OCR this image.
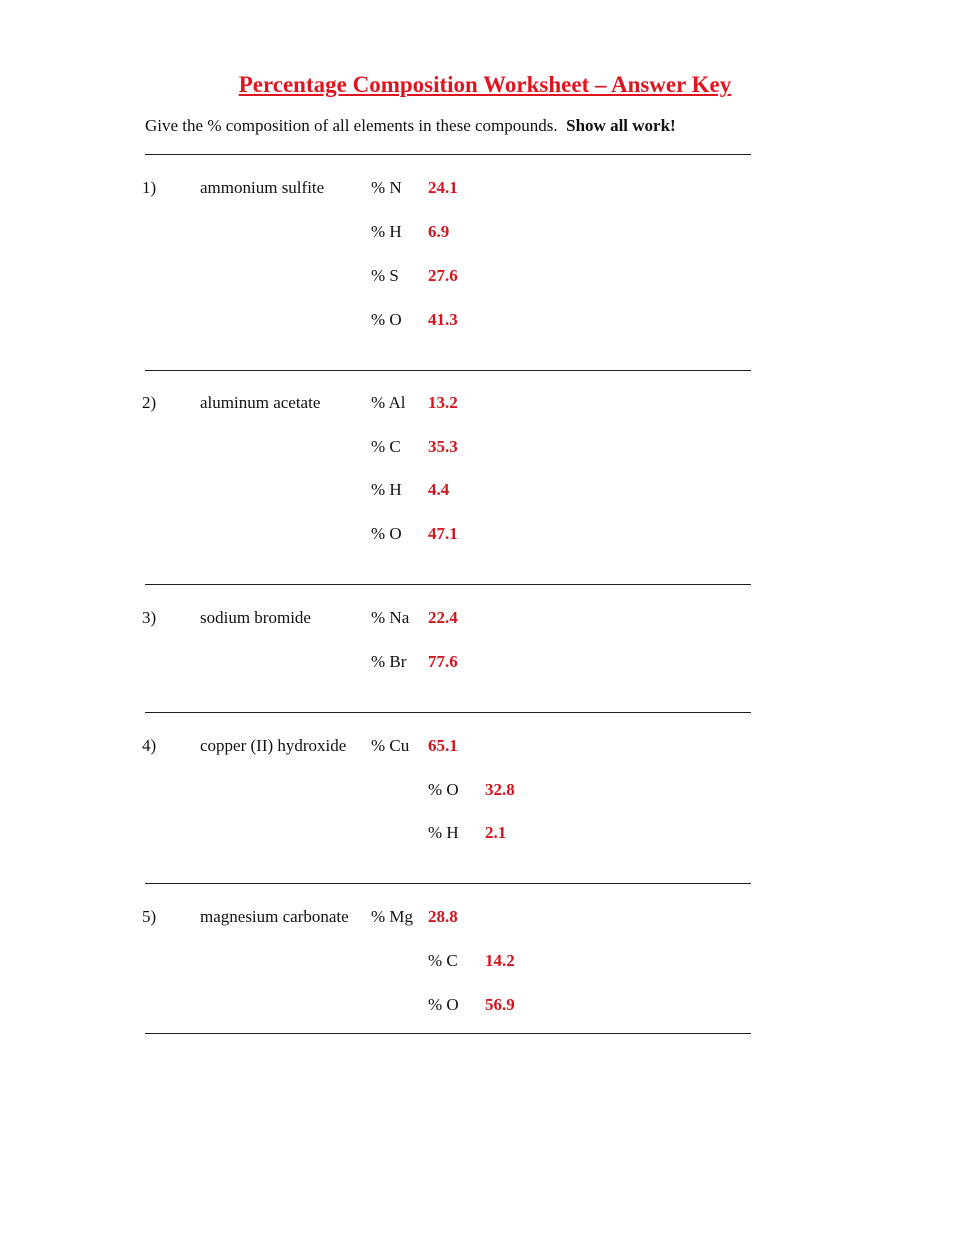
Percentage Composition Worksheet – Answer Key
Give the % composition of all elements in these compounds. Show all work!
1)	ammonium sulfite	% N 24.1
% H 6.9
% S 27.6
% O 41.3
2)	aluminum acetate	% Al 13.2
% C 35.3
% H 4.4
% O 47.1
3)	sodium bromide	% Na 22.4
% Br 77.6
4)	copper (II) hydroxide % Cu 65.1
% O 32.8
% H 2.1
5)	magnesium carbonate % Mg 28.8
% C 14.2
% O 56.9
